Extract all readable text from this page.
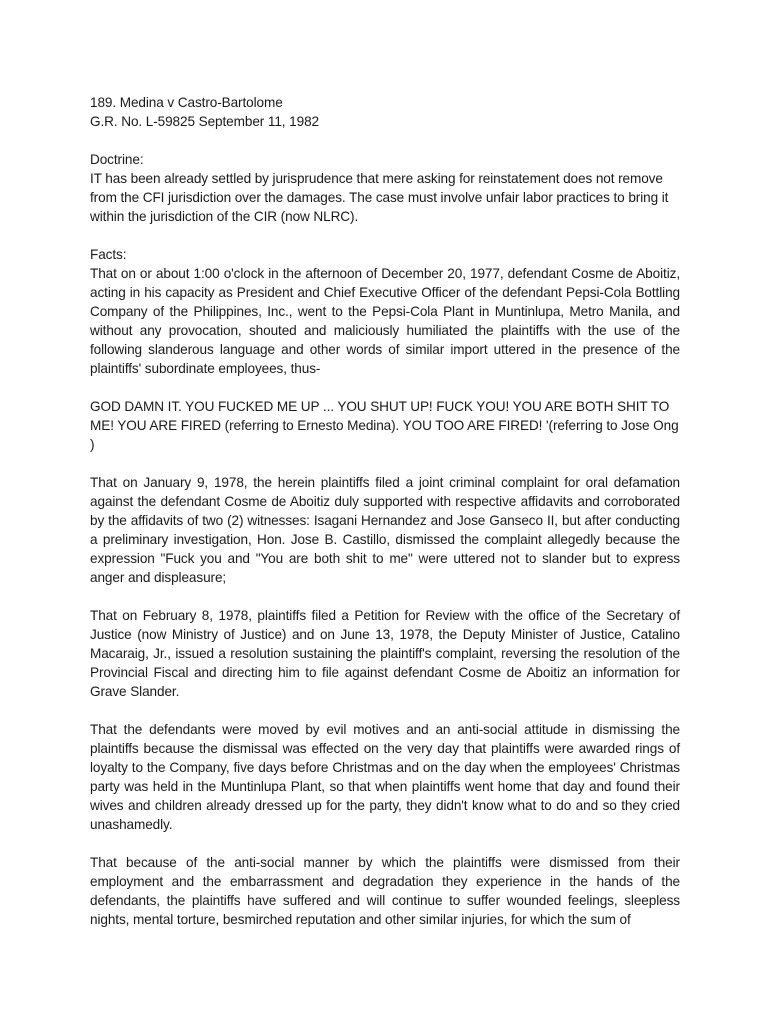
189. Medina v Castro-Bartolome

G.R. No. L-59825 September 11, 1982

Doctrine:

IT has been already settled by jurisprudence that mere asking for reinstatement does not remove from the CFI jurisdiction over the damages. The case must involve unfair labor practices to bring it within the jurisdiction of the CIR (now NLRC).

Facts:

That on or about 1:00 o'clock in the afternoon of December 20, 1977, defendant Cosme de Aboitiz, acting in his capacity as President and Chief Executive Officer of the defendant Pepsi-Cola Bottling Company of the Philippines, Inc., went to the Pepsi-Cola Plant in Muntinlupa, Metro Manila, and without any provocation, shouted and maliciously humiliated the plaintiffs with the use of the following slanderous language and other words of similar import uttered in the presence of the plaintiffs' subordinate employees, thus-

GOD DAMN IT. YOU FUCKED ME UP ... YOU SHUT UP! FUCK YOU! YOU ARE BOTH SHIT TO ME! YOU ARE FIRED (referring to Ernesto Medina). YOU TOO ARE FIRED! '(referring to Jose Ong )

That on January 9, 1978, the herein plaintiffs filed a joint criminal complaint for oral defamation against the defendant Cosme de Aboitiz duly supported with respective affidavits and corroborated by the affidavits of two (2) witnesses: Isagani Hernandez and Jose Ganseco II, but after conducting a preliminary investigation, Hon. Jose B. Castillo, dismissed the complaint allegedly because the expression "Fuck you and "You are both shit to me" were uttered not to slander but to express anger and displeasure;

That on February 8, 1978, plaintiffs filed a Petition for Review with the office of the Secretary of Justice (now Ministry of Justice) and on June 13, 1978, the Deputy Minister of Justice, Catalino Macaraig, Jr., issued a resolution sustaining the plaintiff's complaint, reversing the resolution of the Provincial Fiscal and directing him to file against defendant Cosme de Aboitiz an information for Grave Slander.

That the defendants were moved by evil motives and an anti-social attitude in dismissing the plaintiffs because the dismissal was effected on the very day that plaintiffs were awarded rings of loyalty to the Company, five days before Christmas and on the day when the employees' Christmas party was held in the Muntinlupa Plant, so that when plaintiffs went home that day and found their wives and children already dressed up for the party, they didn't know what to do and so they cried unashamedly.

That because of the anti-social manner by which the plaintiffs were dismissed from their employment and the embarrassment and degradation they experience in the hands of the defendants, the plaintiffs have suffered and will continue to suffer wounded feelings, sleepless nights, mental torture, besmirched reputation and other similar injuries, for which the sum of
